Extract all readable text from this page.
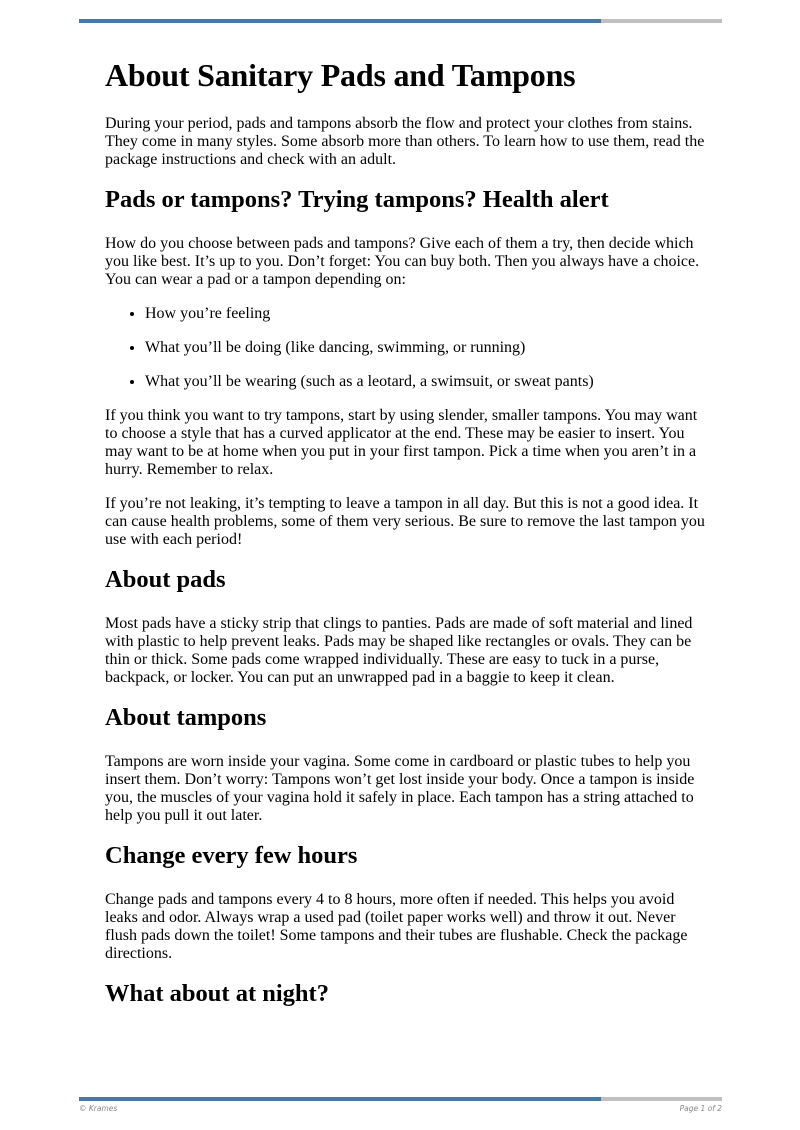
About Sanitary Pads and Tampons

During your period, pads and tampons absorb the flow and protect your clothes from stains. They come in many styles. Some absorb more than others. To learn how to use them, read the package instructions and check with an adult.

Pads or tampons? Trying tampons? Health alert

How do you choose between pads and tampons? Give each of them a try, then decide which you like best. It’s up to you. Don’t forget: You can buy both. Then you always have a choice. You can wear a pad or a tampon depending on:

• How you’re feeling
• What you’ll be doing (like dancing, swimming, or running)
• What you’ll be wearing (such as a leotard, a swimsuit, or sweat pants)

If you think you want to try tampons, start by using slender, smaller tampons. You may want to choose a style that has a curved applicator at the end. These may be easier to insert. You may want to be at home when you put in your first tampon. Pick a time when you aren’t in a hurry. Remember to relax.

If you’re not leaking, it’s tempting to leave a tampon in all day. But this is not a good idea. It can cause health problems, some of them very serious. Be sure to remove the last tampon you use with each period!

About pads

Most pads have a sticky strip that clings to panties. Pads are made of soft material and lined with plastic to help prevent leaks. Pads may be shaped like rectangles or ovals. They can be thin or thick. Some pads come wrapped individually. These are easy to tuck in a purse, backpack, or locker. You can put an unwrapped pad in a baggie to keep it clean.

About tampons

Tampons are worn inside your vagina. Some come in cardboard or plastic tubes to help you insert them. Don’t worry: Tampons won’t get lost inside your body. Once a tampon is inside you, the muscles of your vagina hold it safely in place. Each tampon has a string attached to help you pull it out later.

Change every few hours

Change pads and tampons every 4 to 8 hours, more often if needed. This helps you avoid leaks and odor. Always wrap a used pad (toilet paper works well) and throw it out. Never flush pads down the toilet! Some tampons and their tubes are flushable. Check the package directions.

What about at night?
© Krames	Page 1 of 2
